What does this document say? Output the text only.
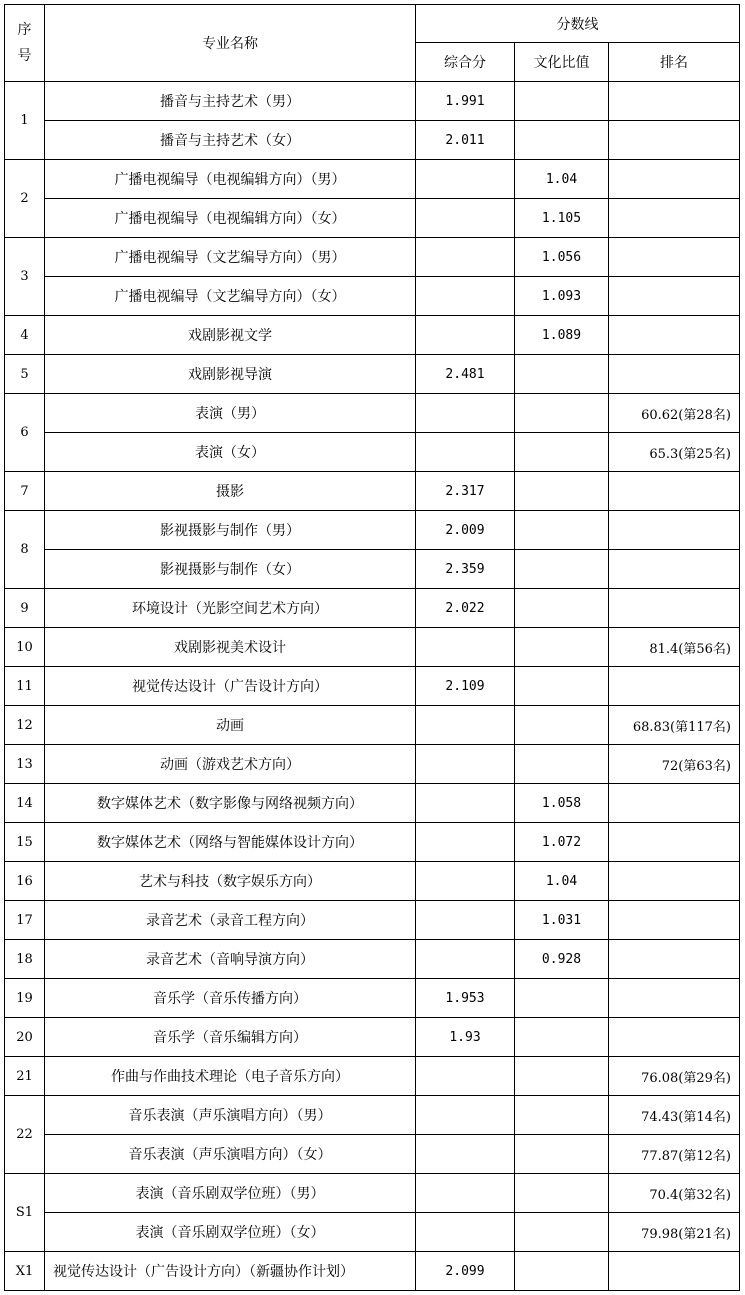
序号	专业名称	分数线		
		综合分	文化比值	排名
1	播音与主持艺术（男）	1.991		
	播音与主持艺术（女）	2.011		
2	广播电视编导（电视编辑方向）（男）		1.04	
	广播电视编导（电视编辑方向）（女）		1.105	
3	广播电视编导（文艺编导方向）（男）		1.056	
	广播电视编导（文艺编导方向）（女）		1.093	
4	戏剧影视文学		1.089	
5	戏剧影视导演	2.481		
6	表演（男）			60.62(第28名)
	表演（女）			65.3(第25名)
7	摄影	2.317		
8	影视摄影与制作（男）	2.009		
	影视摄影与制作（女）	2.359		
9	环境设计（光影空间艺术方向）	2.022		
10	戏剧影视美术设计			81.4(第56名)
11	视觉传达设计（广告设计方向）	2.109		
12	动画			68.83(第117名)
13	动画（游戏艺术方向）			72(第63名)
14	数字媒体艺术（数字影像与网络视频方向）		1.058	
15	数字媒体艺术（网络与智能媒体设计方向）		1.072	
16	艺术与科技（数字娱乐方向）		1.04	
17	录音艺术（录音工程方向）		1.031	
18	录音艺术（音响导演方向）		0.928	
19	音乐学（音乐传播方向）	1.953		
20	音乐学（音乐编辑方向）	1.93		
21	作曲与作曲技术理论（电子音乐方向）			76.08(第29名)
22	音乐表演（声乐演唱方向）（男）			74.43(第14名)
	音乐表演（声乐演唱方向）（女）			77.87(第12名)
S1	表演（音乐剧双学位班）（男）			70.4(第32名)
	表演（音乐剧双学位班）（女）			79.98(第21名)
X1	视觉传达设计（广告设计方向）（新疆协作计划）	2.099		
